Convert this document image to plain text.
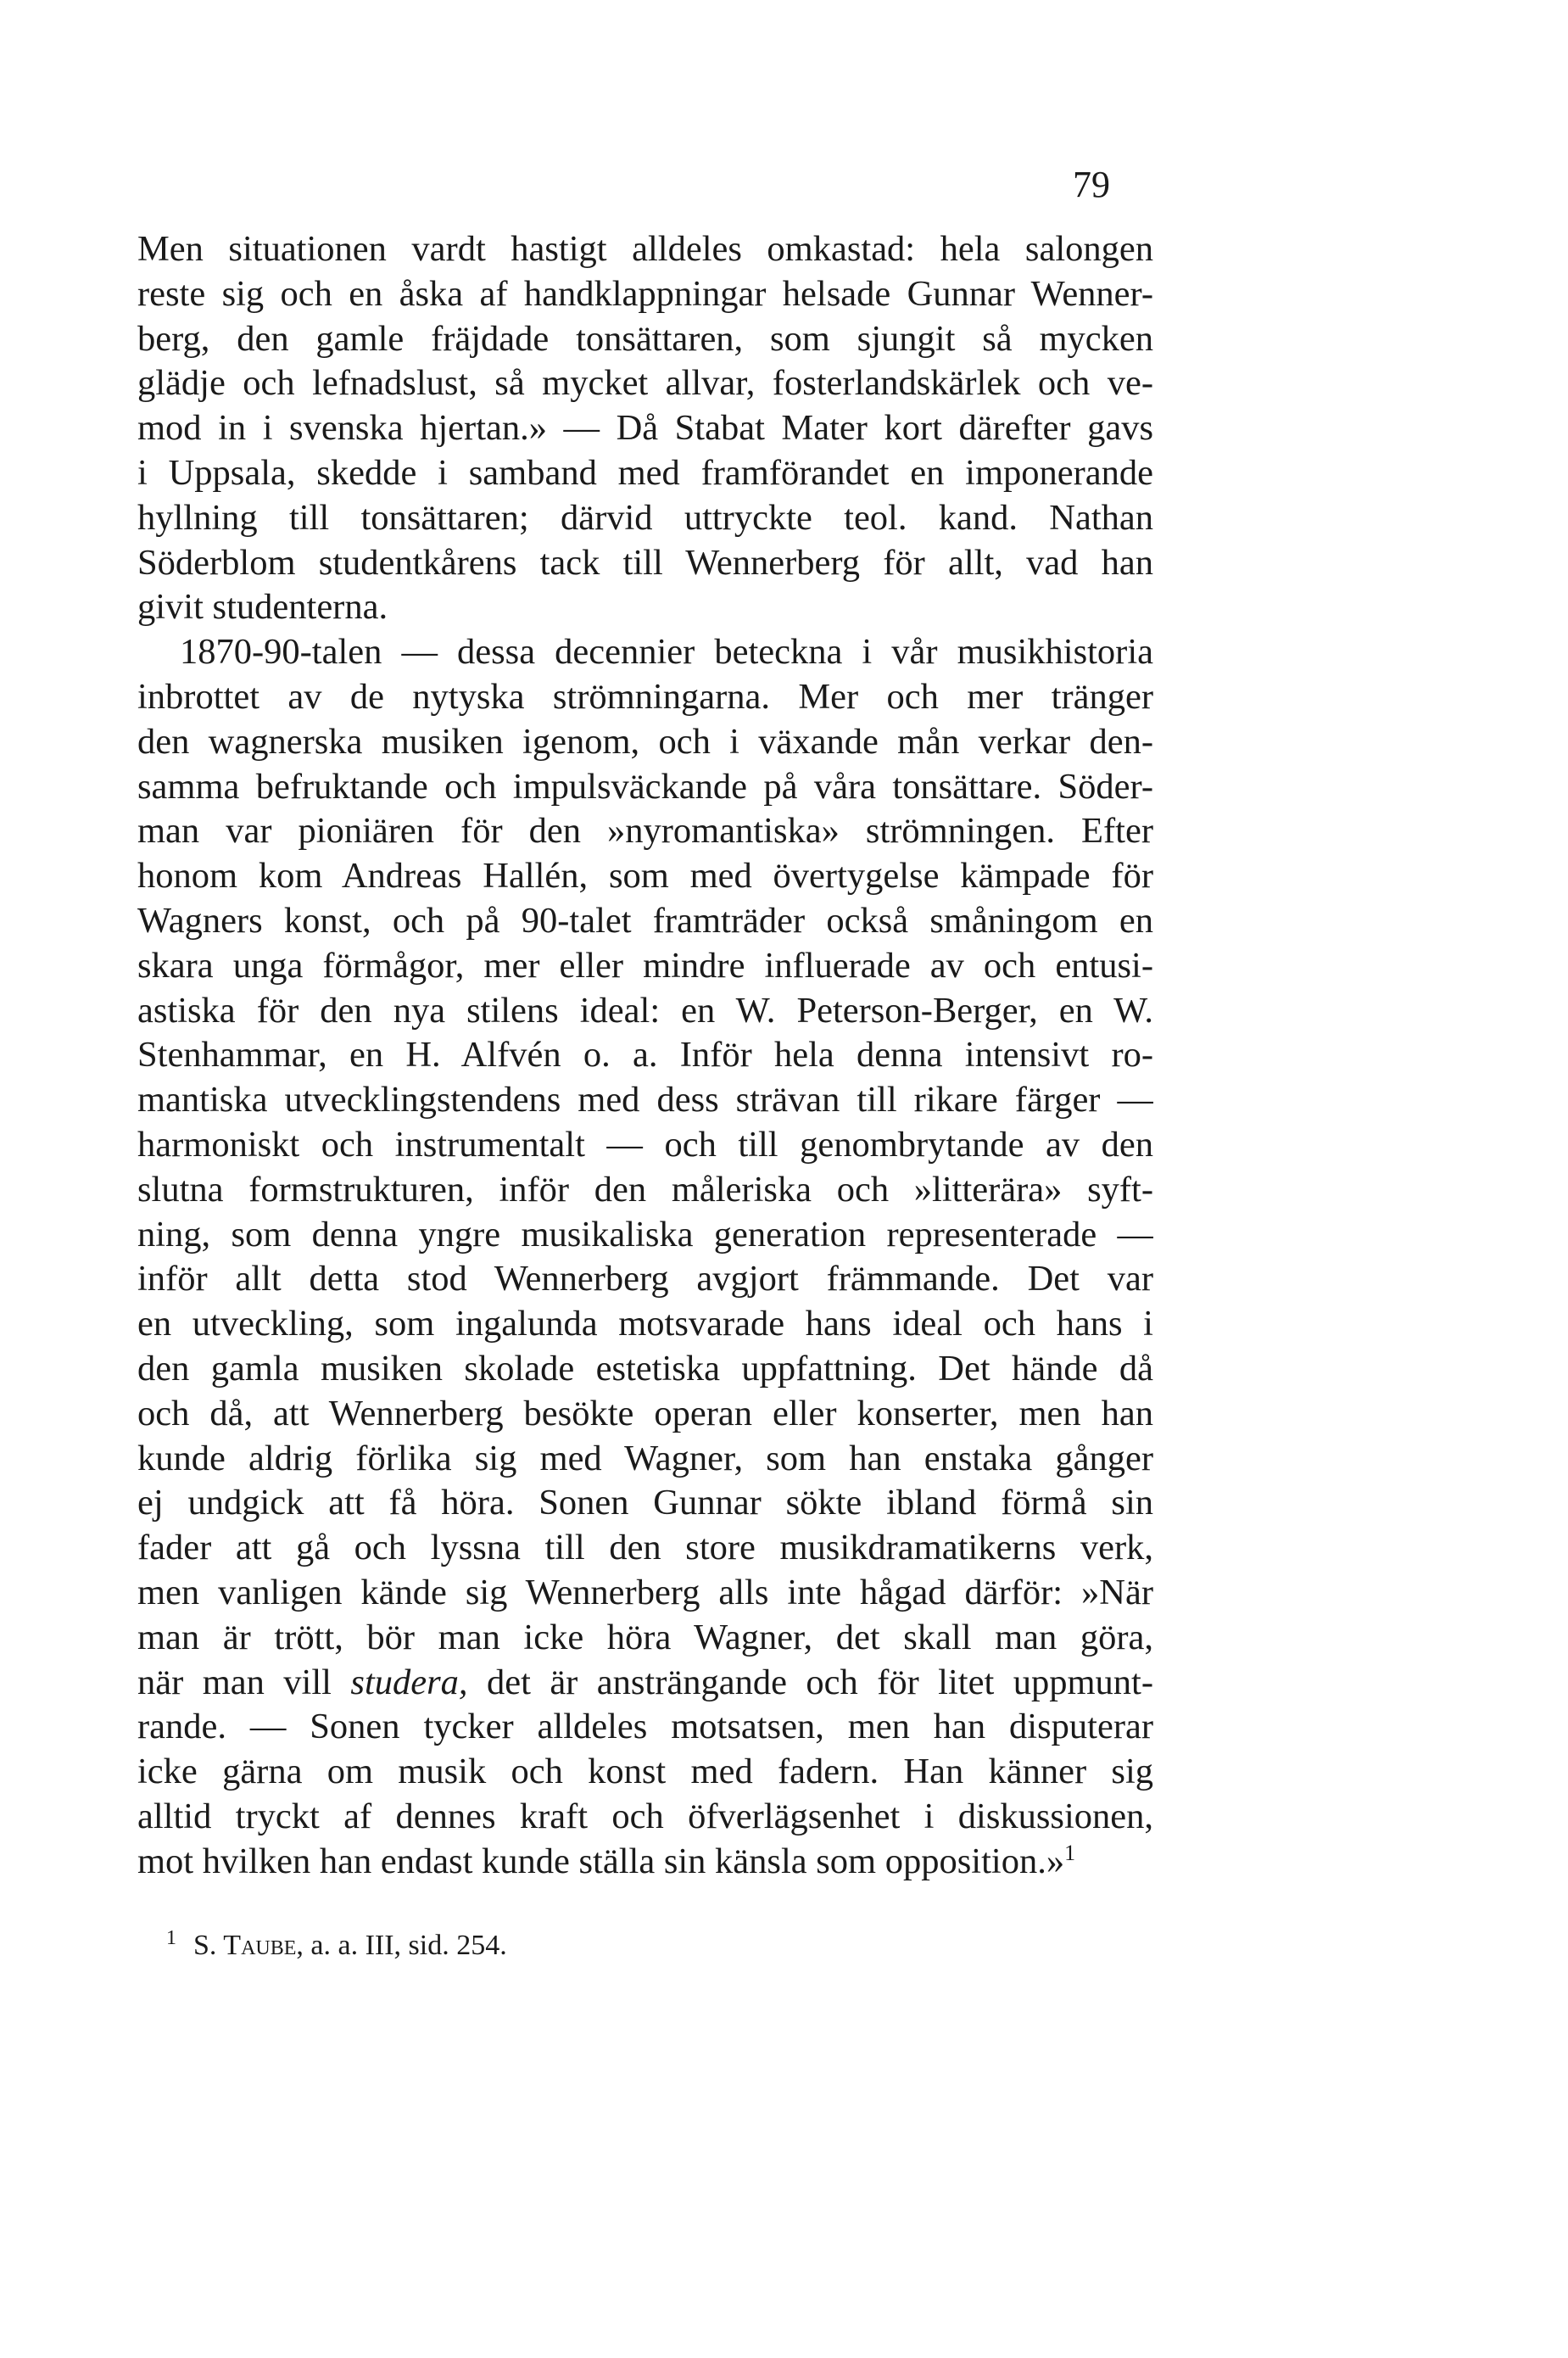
79
Men situationen vardt hastigt alldeles omkastad: hela salongen
reste sig och en åska af handklappningar helsade Gunnar Wenner-
berg, den gamle fräjdade tonsättaren, som sjungit så mycken
glädje och lefnadslust, så mycket allvar, fosterlandskärlek och ve-
mod in i svenska hjertan.» — Då Stabat Mater kort därefter gavs
i Uppsala, skedde i samband med framförandet en imponerande
hyllning till tonsättaren; därvid uttryckte teol. kand. Nathan
Söderblom studentkårens tack till Wennerberg för allt, vad han
givit studenterna.
1870-90-talen — dessa decennier beteckna i vår musikhistoria
inbrottet av de nytyska strömningarna. Mer och mer tränger
den wagnerska musiken igenom, och i växande mån verkar den-
samma befruktande och impulsväckande på våra tonsättare. Söder-
man var pioniären för den »nyromantiska» strömningen. Efter
honom kom Andreas Hallén, som med övertygelse kämpade för
Wagners konst, och på 90-talet framträder också småningom en
skara unga förmågor, mer eller mindre influerade av och entusi-
astiska för den nya stilens ideal: en W. Peterson-Berger, en W.
Stenhammar, en H. Alfvén o. a. Inför hela denna intensivt ro-
mantiska utvecklingstendens med dess strävan till rikare färger —
harmoniskt och instrumentalt — och till genombrytande av den
slutna formstrukturen, inför den måleriska och »litterära» syft-
ning, som denna yngre musikaliska generation representerade —
inför allt detta stod Wennerberg avgjort främmande. Det var
en utveckling, som ingalunda motsvarade hans ideal och hans i
den gamla musiken skolade estetiska uppfattning. Det hände då
och då, att Wennerberg besökte operan eller konserter, men han
kunde aldrig förlika sig med Wagner, som han enstaka gånger
ej undgick att få höra. Sonen Gunnar sökte ibland förmå sin
fader att gå och lyssna till den store musikdramatikerns verk,
men vanligen kände sig Wennerberg alls inte hågad därför: »När
man är trött, bör man icke höra Wagner, det skall man göra,
när man vill studera, det är ansträngande och för litet uppmunt-
rande. — Sonen tycker alldeles motsatsen, men han disputerar
icke gärna om musik och konst med fadern. Han känner sig
alltid tryckt af dennes kraft och öfverlägsenhet i diskussionen,
mot hvilken han endast kunde ställa sin känsla som opposition.»$^1$
$^1$ S. Taube, a. a. III, sid. 254.
